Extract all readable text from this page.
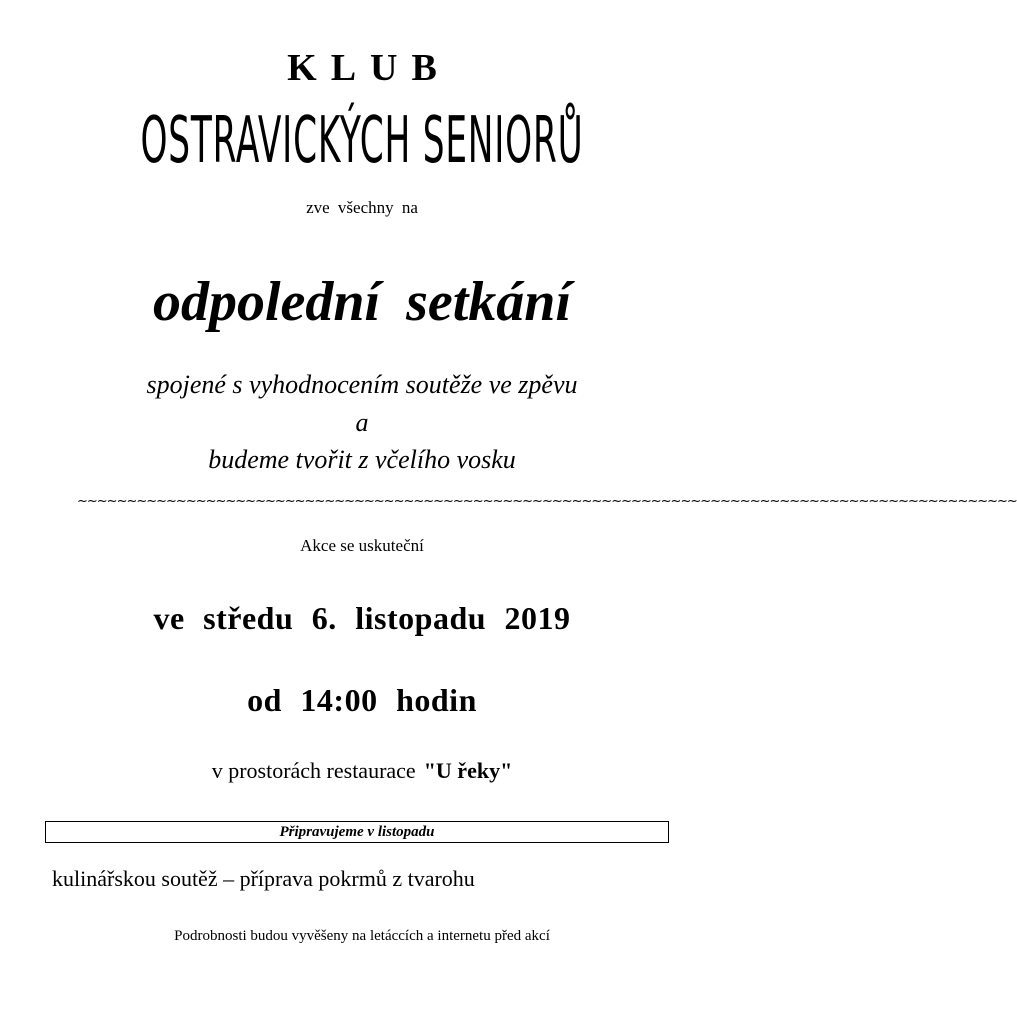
KLUB
OSTRAVICKÝCH SENIORŮ
zve všechny na
odpolední setkání
spojené s vyhodnocením soutěže ve zpěvu
a
budeme tvořit z včelího vosku
~~~~~~~~~~~~~~~~~~~~~~~~~~~~~~~~~~~~~~~~~~~~~~~~~~~~~~~~~~~~~~~~~~~~~~~~~~~~~~~~~~~~~~~~~~~~~~~
Akce se uskuteční
ve středu 6. listopadu 2019
od 14:00 hodin
v prostorách restaurace "U řeky"
Připravujeme v listopadu
kulinářskou soutěž – příprava pokrmů z tvarohu
Podrobnosti budou vyvěšeny na letáccích a internetu před akcí
